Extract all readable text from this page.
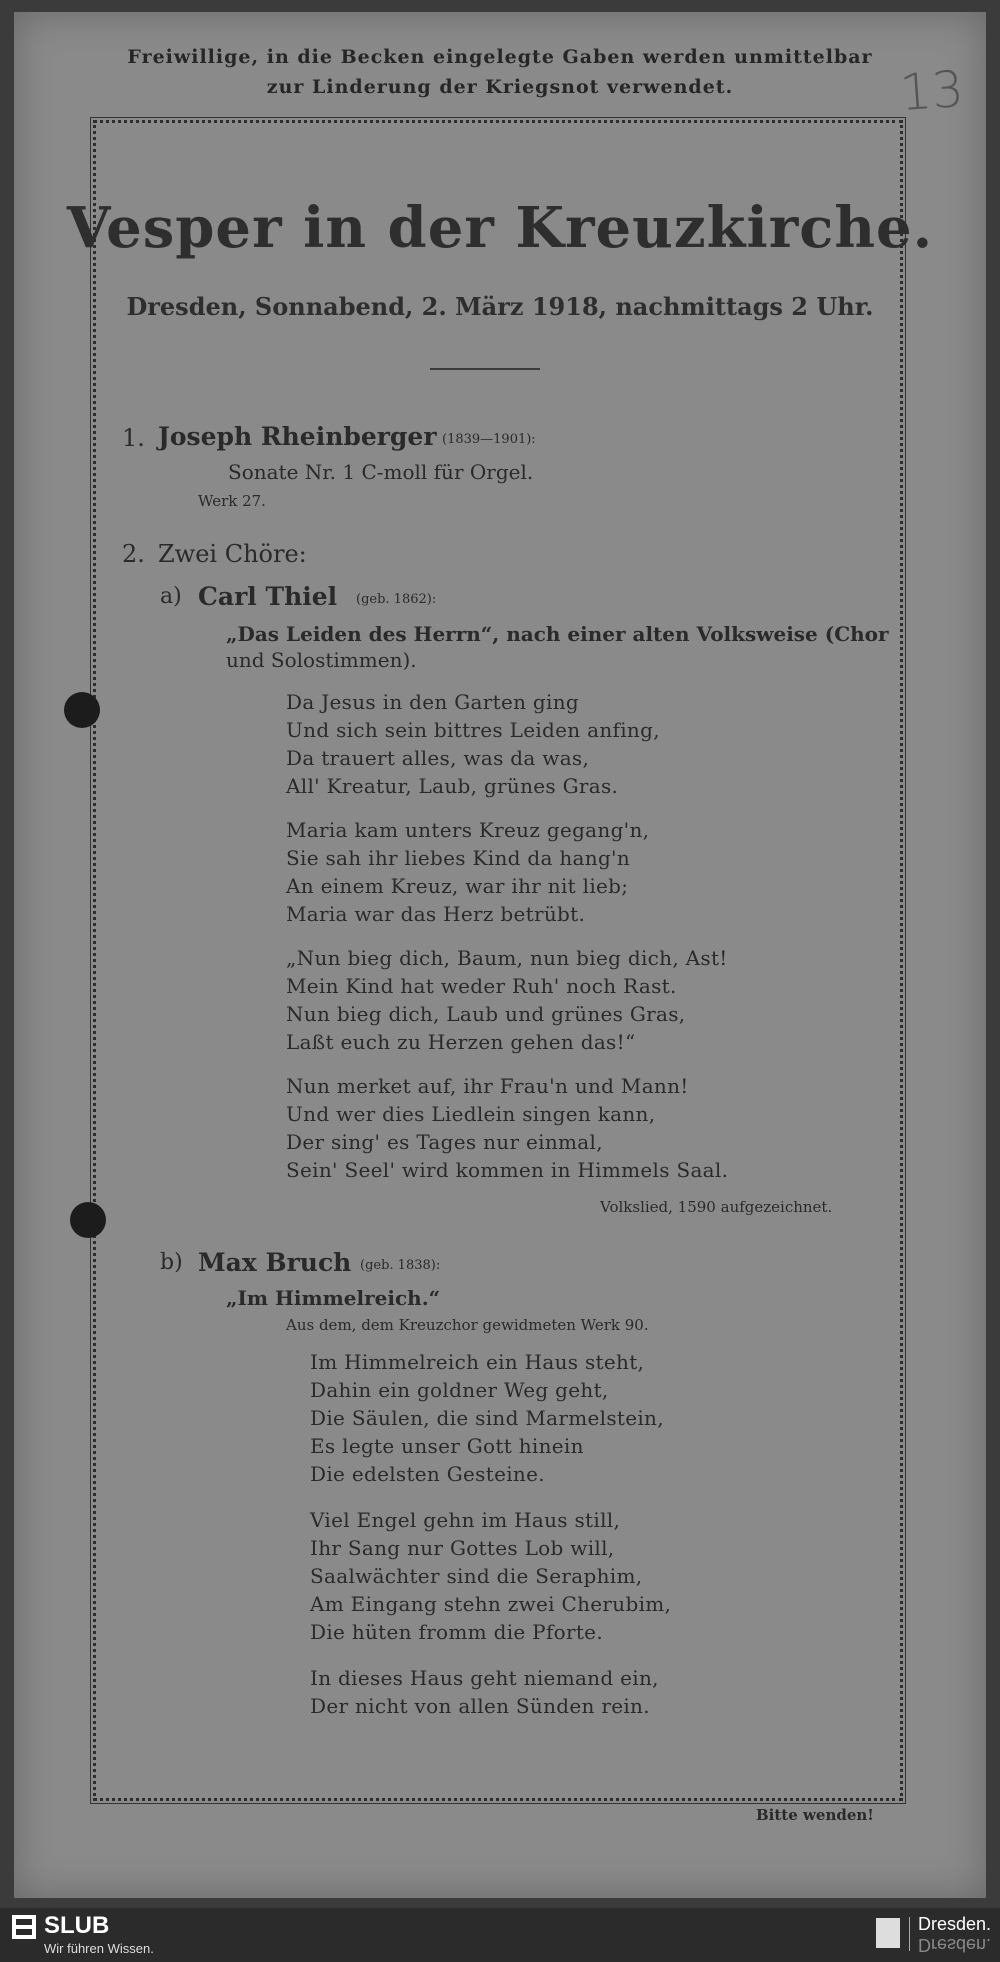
Freiwillige, in die Becken eingelegte Gaben werden unmittelbar
zur Linderung der Kriegsnot verwendet.	13
Vesper in der Kreuzkirche.
Dresden, Sonnabend, 2. März 1918, nachmittags 2 Uhr.
1. Joseph Rheinberger (1839—1901):
Sonate Nr. 1 C-moll für Orgel.
Werk 27.
2. Zwei Chöre:
a) Carl Thiel (geb. 1862):
„Das Leiden des Herrn“, nach einer alten Volksweise (Chor
und Solostimmen).
Da Jesus in den Garten ging
Und sich sein bittres Leiden anfing,
Da trauert alles, was da was,
All' Kreatur, Laub, grünes Gras.
Maria kam unters Kreuz gegang'n,
Sie sah ihr liebes Kind da hang'n
An einem Kreuz, war ihr nit lieb;
Maria war das Herz betrübt.
„Nun bieg dich, Baum, nun bieg dich, Ast!
Mein Kind hat weder Ruh' noch Rast.
Nun bieg dich, Laub und grünes Gras,
Laßt euch zu Herzen gehen das!“
Nun merket auf, ihr Frau'n und Mann!
Und wer dies Liedlein singen kann,
Der sing' es Tages nur einmal,
Sein' Seel' wird kommen in Himmels Saal.
Volkslied, 1590 aufgezeichnet.
b) Max Bruch (geb. 1838):
„Im Himmelreich.“
Aus dem, dem Kreuzchor gewidmeten Werk 90.
Im Himmelreich ein Haus steht,
Dahin ein goldner Weg geht,
Die Säulen, die sind Marmelstein,
Es legte unser Gott hinein
Die edelsten Gesteine.
Viel Engel gehn im Haus still,
Ihr Sang nur Gottes Lob will,
Saalwächter sind die Seraphim,
Am Eingang stehn zwei Cherubim,
Die hüten fromm die Pforte.
In dieses Haus geht niemand ein,
Der nicht von allen Sünden rein.
Bitte wenden!
SLUB
Wir führen Wissen.
Dresden.
Dresden.
